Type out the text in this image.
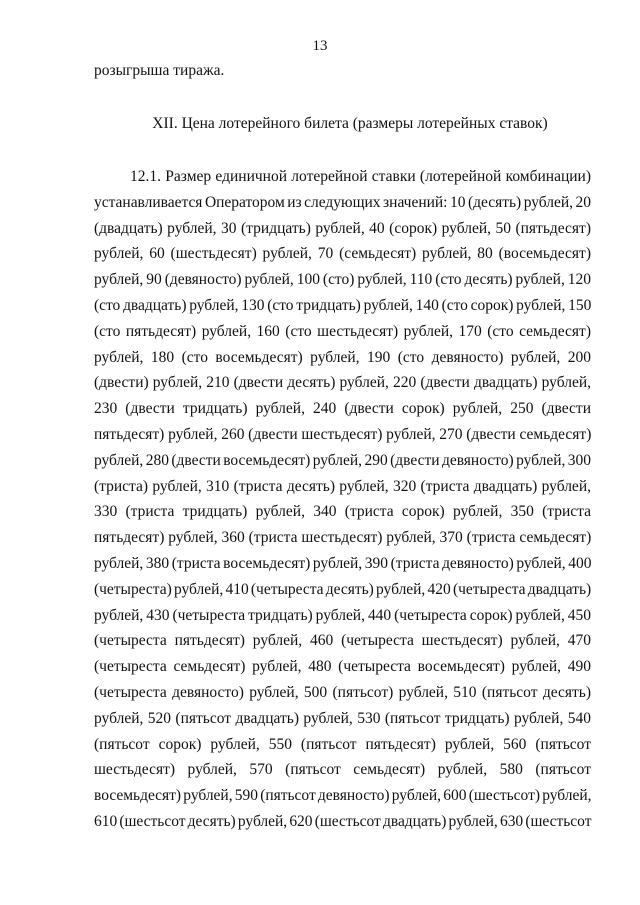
13
розыгрыша тиража.
XII. Цена лотерейного билета (размеры лотерейных ставок)
12.1. Размер единичной лотерейной ставки (лотерейной комбинации)
устанавливается Оператором из следующих значений: 10 (десять) рублей, 20
(двадцать) рублей, 30 (тридцать) рублей, 40 (сорок) рублей, 50 (пятьдесят)
рублей, 60 (шестьдесят) рублей, 70 (семьдесят) рублей, 80 (восемьдесят)
рублей, 90 (девяносто) рублей, 100 (сто) рублей, 110 (сто десять) рублей, 120
(сто двадцать) рублей, 130 (сто тридцать) рублей, 140 (сто сорок) рублей, 150
(сто пятьдесят) рублей, 160 (сто шестьдесят) рублей, 170 (сто семьдесят)
рублей, 180 (сто восемьдесят) рублей, 190 (сто девяносто) рублей, 200
(двести) рублей, 210 (двести десять) рублей, 220 (двести двадцать) рублей,
230 (двести тридцать) рублей, 240 (двести сорок) рублей, 250 (двести
пятьдесят) рублей, 260 (двести шестьдесят) рублей, 270 (двести семьдесят)
рублей, 280 (двести восемьдесят) рублей, 290 (двести девяносто) рублей, 300
(триста) рублей, 310 (триста десять) рублей, 320 (триста двадцать) рублей,
330 (триста тридцать) рублей, 340 (триста сорок) рублей, 350 (триста
пятьдесят) рублей, 360 (триста шестьдесят) рублей, 370 (триста семьдесят)
рублей, 380 (триста восемьдесят) рублей, 390 (триста девяносто) рублей, 400
(четыреста) рублей, 410 (четыреста десять) рублей, 420 (четыреста двадцать)
рублей, 430 (четыреста тридцать) рублей, 440 (четыреста сорок) рублей, 450
(четыреста пятьдесят) рублей, 460 (четыреста шестьдесят) рублей, 470
(четыреста семьдесят) рублей, 480 (четыреста восемьдесят) рублей, 490
(четыреста девяносто) рублей, 500 (пятьсот) рублей, 510 (пятьсот десять)
рублей, 520 (пятьсот двадцать) рублей, 530 (пятьсот тридцать) рублей, 540
(пятьсот сорок) рублей, 550 (пятьсот пятьдесят) рублей, 560 (пятьсот
шестьдесят) рублей, 570 (пятьсот семьдесят) рублей, 580 (пятьсот
восемьдесят) рублей, 590 (пятьсот девяносто) рублей, 600 (шестьсот) рублей,
610 (шестьсот десять) рублей, 620 (шестьсот двадцать) рублей, 630 (шестьсот
